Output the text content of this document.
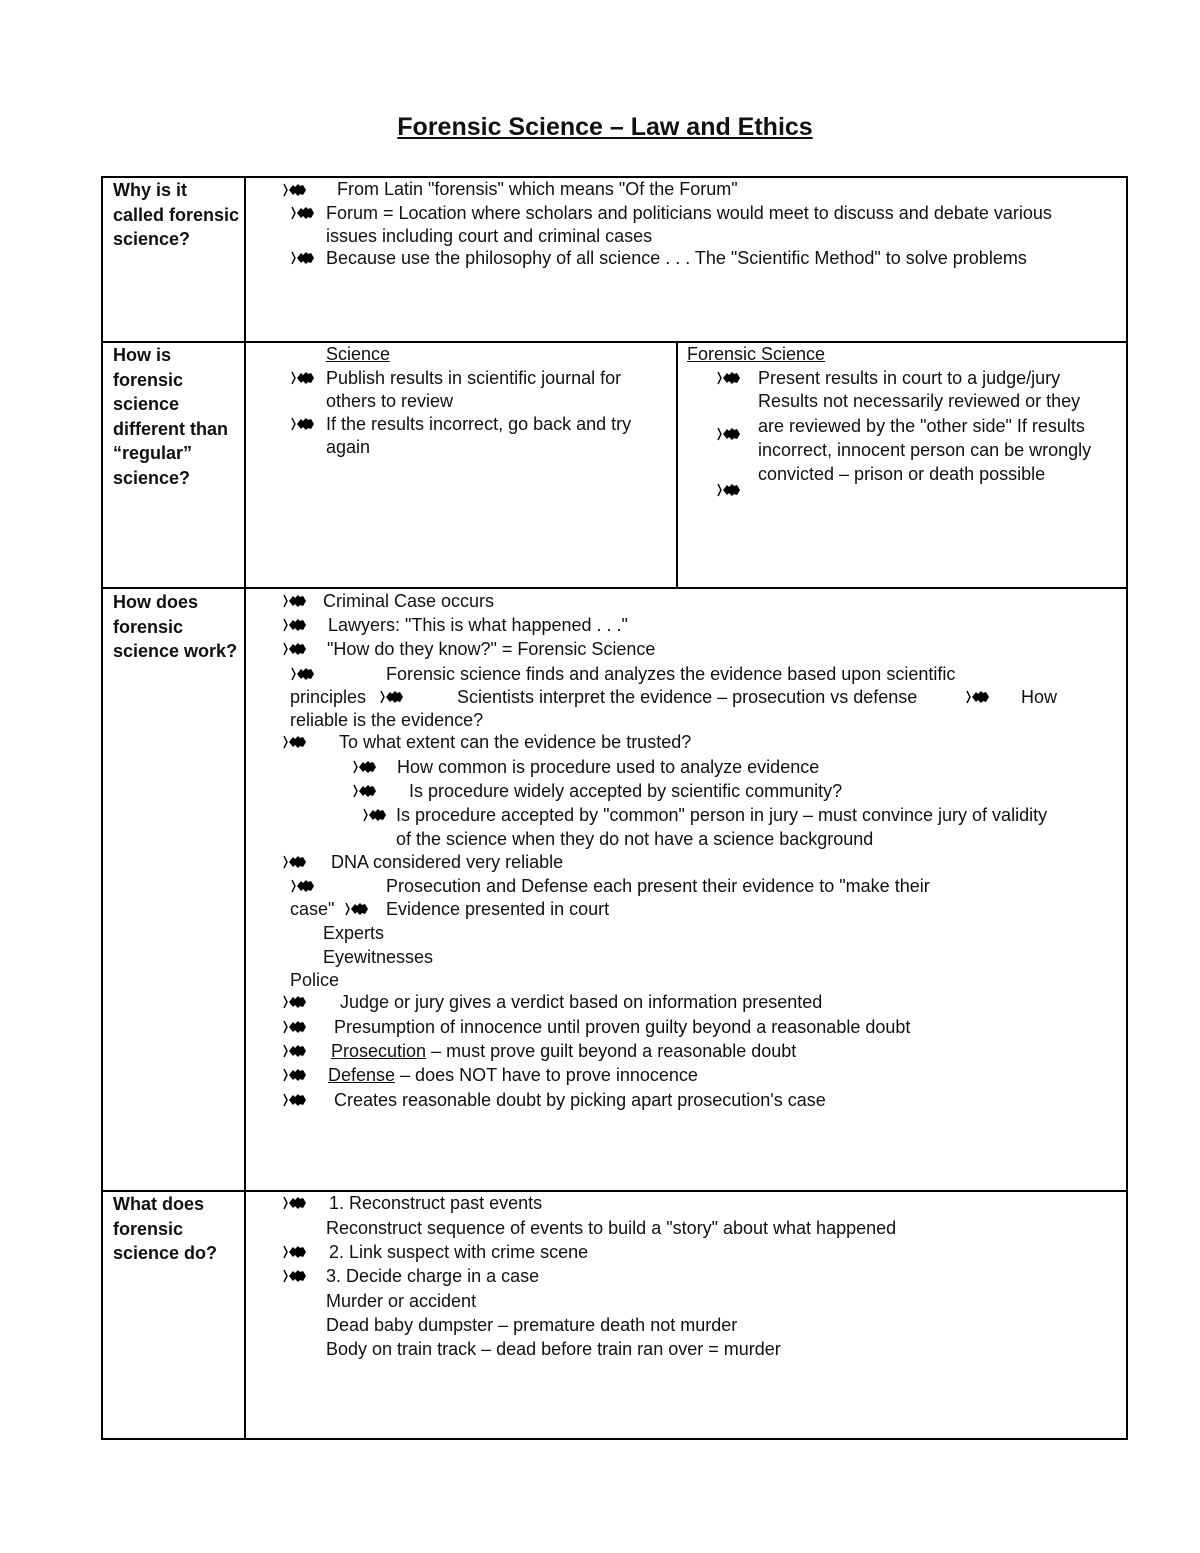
Forensic Science – Law and Ethics
Why is it called forensic science?
From Latin "forensis" which means "Of the Forum"
Forum = Location where scholars and politicians would meet to discuss and debate various
issues including court and criminal cases
Because use the philosophy of all science . . . The "Scientific Method" to solve problems
How is forensic science different than “regular” science?
Science
Publish results in scientific journal for
others to review
If the results incorrect, go back and try
again
Forensic Science
Present results in court to a judge/jury
Results not necessarily reviewed or they
are reviewed by the "other side" If results
incorrect, innocent person can be wrongly
convicted – prison or death possible
How does forensic science work?
Criminal Case occurs
Lawyers: "This is what happened . . ."
"How do they know?" = Forensic Science
Forensic science finds and analyzes the evidence based upon scientific
principles	Scientists interpret the evidence – prosecution vs defense	How
reliable is the evidence?
To what extent can the evidence be trusted?
How common is procedure used to analyze evidence
Is procedure widely accepted by scientific community?
Is procedure accepted by "common" person in jury – must convince jury of validity
of the science when they do not have a science background
DNA considered very reliable
Prosecution and Defense each present their evidence to "make their
case"	Evidence presented in court
Experts
Eyewitnesses
Police
Judge or jury gives a verdict based on information presented
Presumption of innocence until proven guilty beyond a reasonable doubt
Prosecution – must prove guilt beyond a reasonable doubt
Defense – does NOT have to prove innocence
Creates reasonable doubt by picking apart prosecution's case
What does forensic science do?
1. Reconstruct past events
Reconstruct sequence of events to build a "story" about what happened
2. Link suspect with crime scene
3. Decide charge in a case
Murder or accident
Dead baby dumpster – premature death not murder
Body on train track – dead before train ran over = murder
